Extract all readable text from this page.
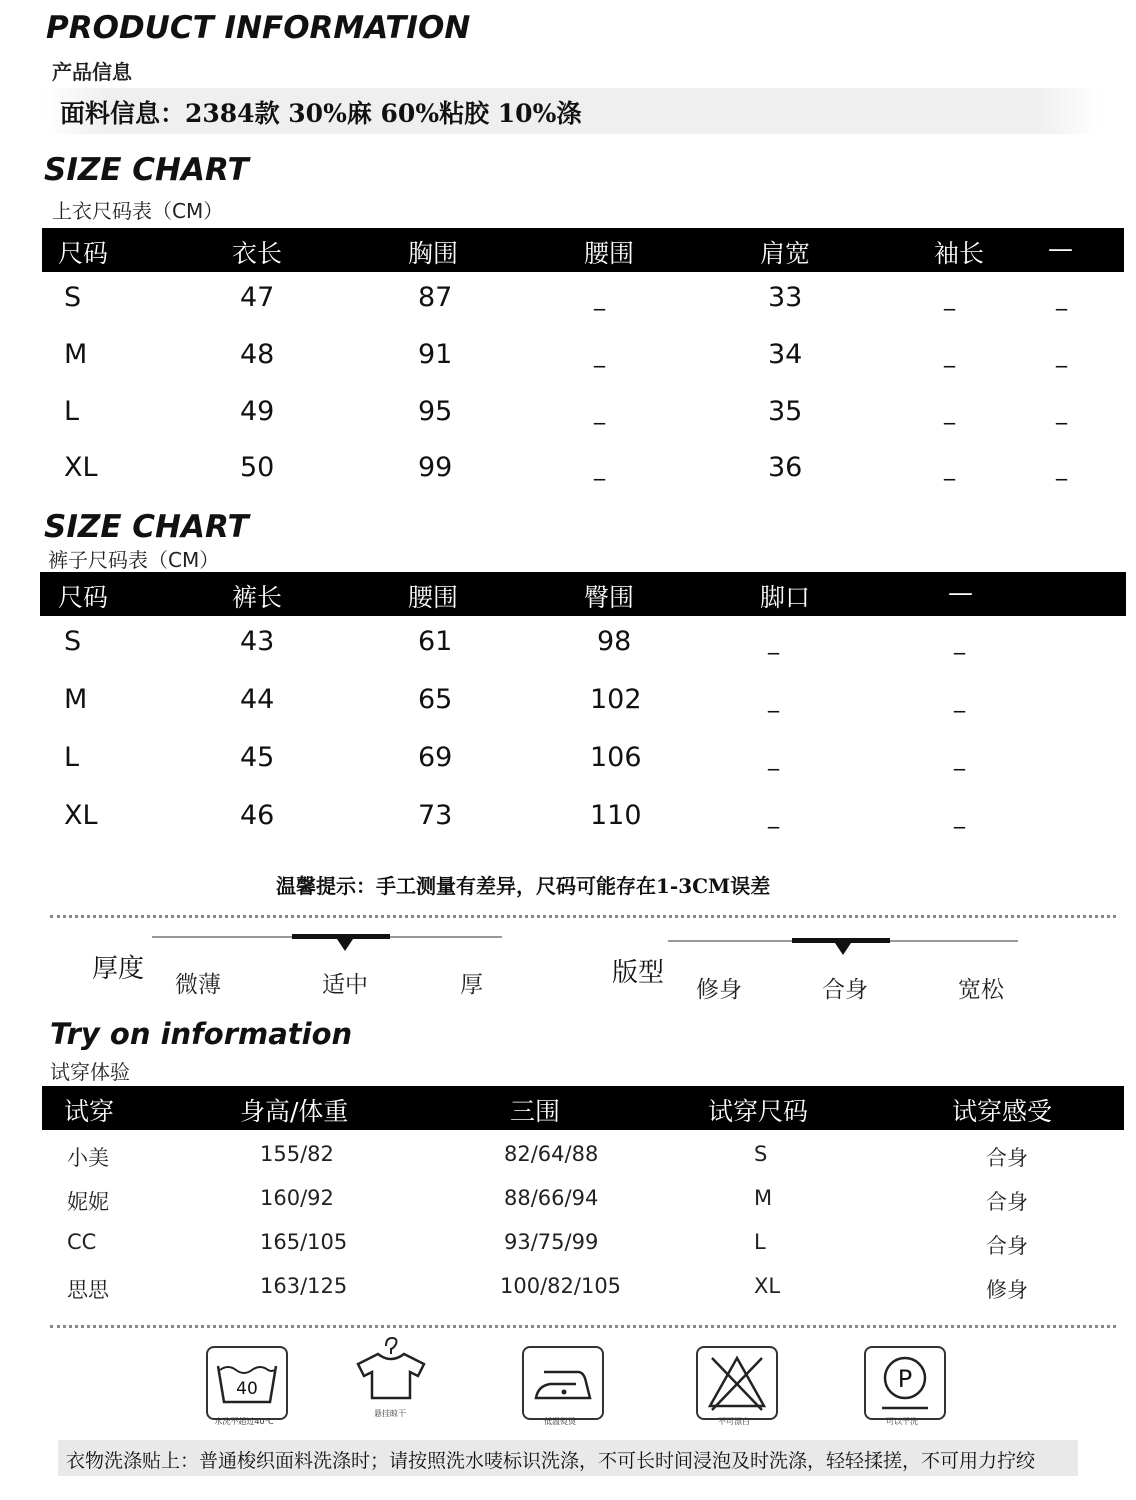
PRODUCT INFORMATION
产品信息
面料信息：2384款 30%麻 60%粘胶 10%涤
SIZE CHART
上衣尺码表（CM）
尺码	衣长	胸围	腰围	肩宽	袖长	—
S	47	87	_	33	_	_
M	48	91	_	34	_	_
L	49	95	_	35	_	_
XL	50	99	_	36	_	_
SIZE CHART
裤子尺码表（CM）
尺码	裤长	腰围	臀围	脚口	—
S	43	61	98	_	_
M	44	65	102	_	_
L	45	69	106	_	_
XL	46	73	110	_	_
温馨提示：手工测量有差异，尺码可能存在1-3CM误差
厚度
微薄	适中	厚	版型
修身	合身	宽松
Try on information
试穿体验
试穿	身高/体重	三围	试穿尺码	试穿感受
小美	155/82	82/64/88	S	合身
妮妮	160/92	88/66/94	M	合身
CC	165/105	93/75/99	L	合身
思思	163/125	100/82/105	XL	修身
40
水洗不超过40℃
悬挂晾干
低温熨烫	不可漂白
P
可以干洗
衣物洗涤贴上：普通梭织面料洗涤时；请按照洗水唛标识洗涤，不可长时间浸泡及时洗涤，轻轻揉搓，不可用力拧绞
